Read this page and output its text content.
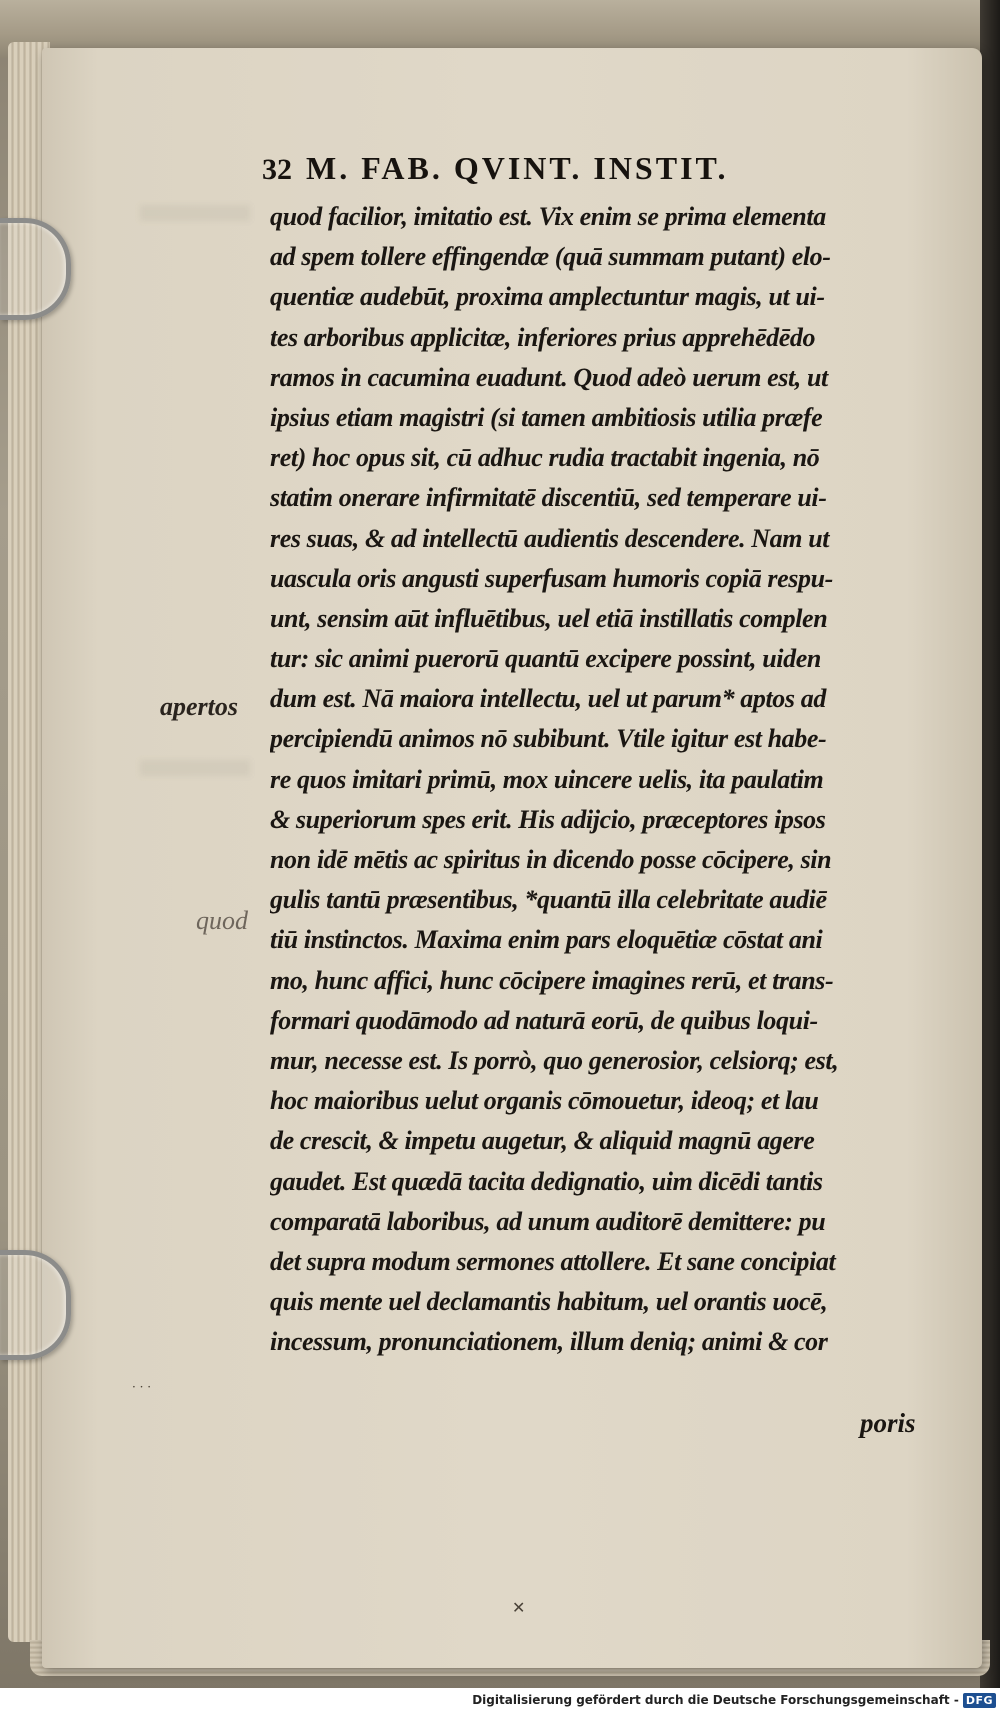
32 M. FAB. QVINT. INSTIT.
quod facilior, imitatio est. Vix enim se prima elementa
ad spem tollere effingendæ (quā summam putant) elo-
quentiæ audebūt, proxima amplectuntur magis, ut ui-
tes arboribus applicitæ, inferiores prius apprehēdēdo
ramos in cacumina euadunt. Quod adeò uerum est, ut
ipsius etiam magistri (si tamen ambitiosis utilia præfe
ret) hoc opus sit, cū adhuc rudia tractabit ingenia, nō
statim onerare infirmitatē discentiū, sed temperare ui-
res suas, & ad intellectū audientis descendere. Nam ut
uascula oris angusti superfusam humoris copiā respu-
unt, sensim aūt influētibus, uel etiā instillatis complen
tur: sic animi puerorū quantū excipere possint, uiden
dum est. Nā maiora intellectu, uel ut parum* aptos ad
percipiendū animos nō subibunt. Vtile igitur est habe-
re quos imitari primū, mox uincere uelis, ita paulatim
& superiorum spes erit. His adijcio, præceptores ipsos
non idē mētis ac spiritus in dicendo posse cōcipere, sin
gulis tantū præsentibus, *quantū illa celebritate audiē
tiū instinctos. Maxima enim pars eloquētiæ cōstat ani
mo, hunc affici, hunc cōcipere imagines rerū, et trans-
formari quodāmodo ad naturā eorū, de quibus loqui-
mur, necesse est. Is porrò, quo generosior, celsiorq; est,
hoc maioribus uelut organis cōmouetur, ideoq; et lau
de crescit, & impetu augetur, & aliquid magnū agere
gaudet. Est quædā tacita dedignatio, uim dicēdi tantis
comparatā laboribus, ad unum auditorē demittere: pu
det supra modum sermones attollere. Et sane concipiat
quis mente uel declamantis habitum, uel orantis uocē,
incessum, pronunciationem, illum deniq; animi & cor
poris
apertos
quod
✕
· · ·
Digitalisierung gefördert durch die Deutsche Forschungsgemeinschaft - DFG
